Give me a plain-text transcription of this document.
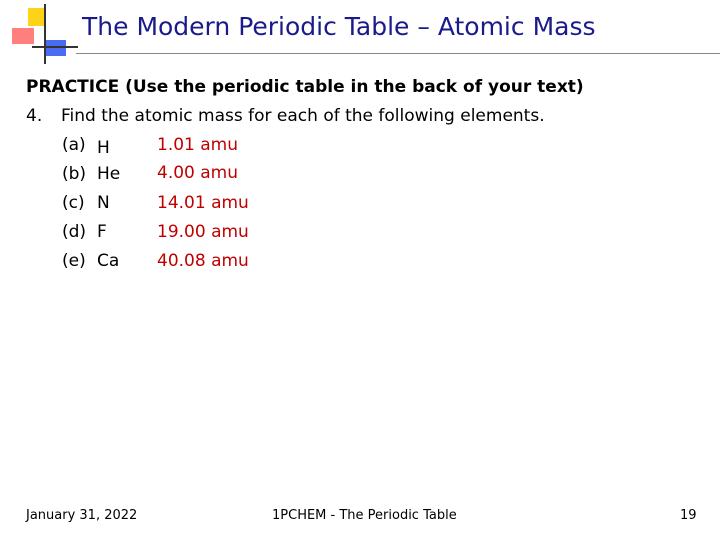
The Modern Periodic Table – Atomic Mass
PRACTICE (Use the periodic table in the back of your text)
4. Find the atomic mass for each of the following elements.
(a) H	1.01 amu
(b) He 4.00 amu
(c) N	14.01 amu
(d) F	19.00 amu
(e) Ca 40.08 amu
January 31, 2022	1PCHEM - The Periodic Table	19
